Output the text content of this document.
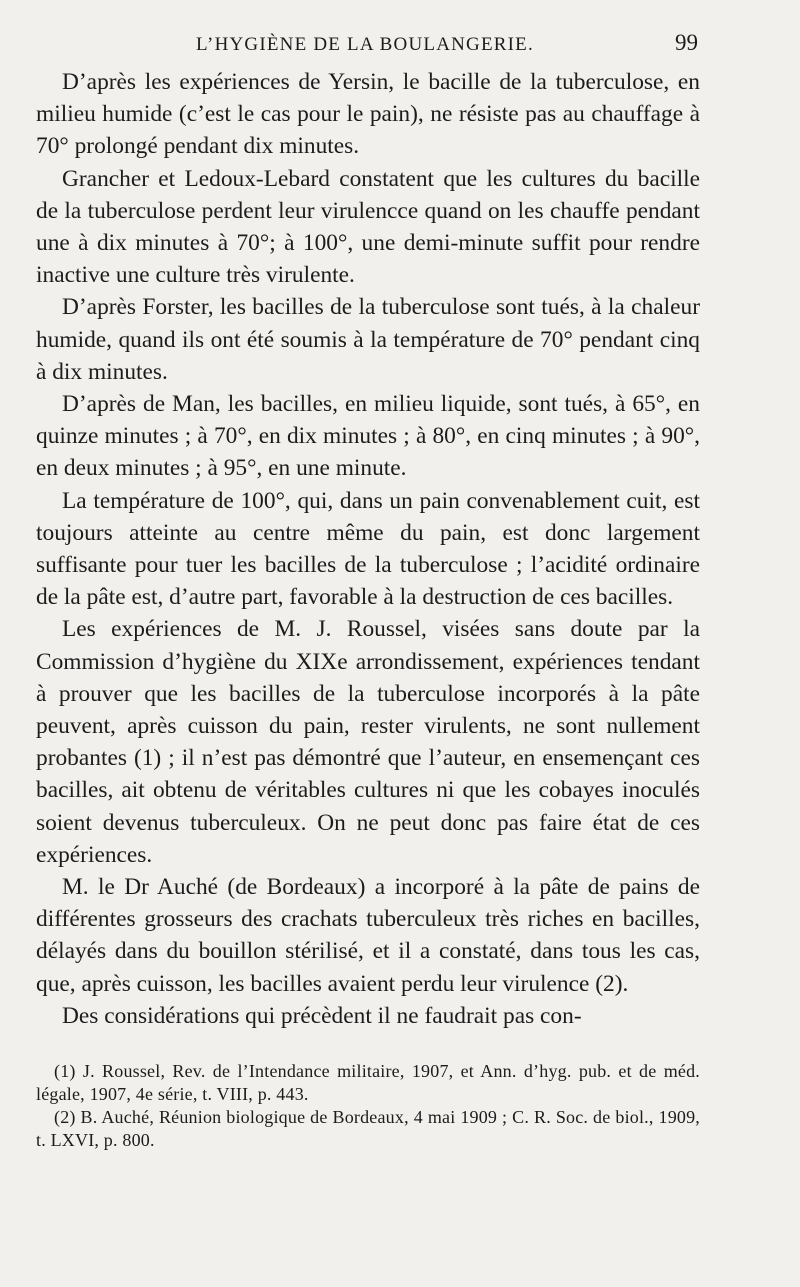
L’HYGIÈNE DE LA BOULANGERIE.	99

D’après les expériences de Yersin, le bacille de la tuberculose, en milieu humide (c’est le cas pour le pain), ne résiste pas au chauffage à 70° prolongé pendant dix minutes.

Grancher et Ledoux-Lebard constatent que les cultures du bacille de la tuberculose perdent leur virulencce quand on les chauffe pendant une à dix minutes à 70°; à 100°, une demi-minute suffit pour rendre inactive une culture très virulente.

D’après Forster, les bacilles de la tuberculose sont tués, à la chaleur humide, quand ils ont été soumis à la température de 70° pendant cinq à dix minutes.

D’après de Man, les bacilles, en milieu liquide, sont tués, à 65°, en quinze minutes ; à 70°, en dix minutes ; à 80°, en cinq minutes ; à 90°, en deux minutes ; à 95°, en une minute.

La température de 100°, qui, dans un pain convenablement cuit, est toujours atteinte au centre même du pain, est donc largement suffisante pour tuer les bacilles de la tuberculose ; l’acidité ordinaire de la pâte est, d’autre part, favorable à la destruction de ces bacilles.

Les expériences de M. J. Roussel, visées sans doute par la Commission d’hygiène du XIXe arrondissement, expériences tendant à prouver que les bacilles de la tuberculose incorporés à la pâte peuvent, après cuisson du pain, rester virulents, ne sont nullement probantes (1) ; il n’est pas démontré que l’auteur, en ensemençant ces bacilles, ait obtenu de véritables cultures ni que les cobayes inoculés soient devenus tuberculeux. On ne peut donc pas faire état de ces expériences.

M. le Dr Auché (de Bordeaux) a incorporé à la pâte de pains de différentes grosseurs des crachats tuberculeux très riches en bacilles, délayés dans du bouillon stérilisé, et il a constaté, dans tous les cas, que, après cuisson, les bacilles avaient perdu leur virulence (2).

Des considérations qui précèdent il ne faudrait pas con-

(1) J. Roussel, Rev. de l’Intendance militaire, 1907, et Ann. d’hyg. pub. et de méd. légale, 1907, 4e série, t. VIII, p. 443.

(2) B. Auché, Réunion biologique de Bordeaux, 4 mai 1909 ; C. R. Soc. de biol., 1909, t. LXVI, p. 800.
